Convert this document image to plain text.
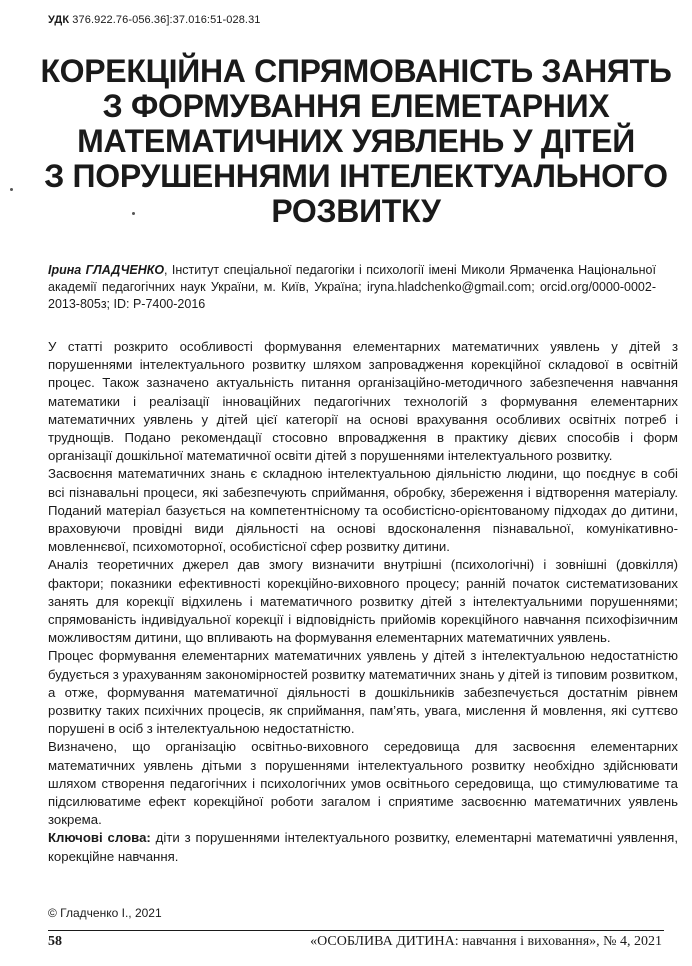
УДК 376.922.76-056.36]:37.016:51-028.31
КОРЕКЦІЙНА СПРЯМОВАНІСТЬ ЗАНЯТЬ
З ФОРМУВАННЯ ЕЛЕМЕТАРНИХ
МАТЕМАТИЧНИХ УЯВЛЕНЬ У ДІТЕЙ
З ПОРУШЕННЯМИ ІНТЕЛЕКТУАЛЬНОГО
РОЗВИТКУ
Ірина ГЛАДЧЕНКО, Інститут спеціальної педагогіки і психології імені Миколи Ярмаченка Національної академії педагогічних наук України, м. Київ, Україна; iryna.hladchenko@gmail.com; orcid.org/0000-0002-2013-805з; ID: P-7400-2016

У статті розкрито особливості формування елементарних математичних уявлень у дітей з порушеннями інтелектуального розвитку шляхом запровадження корекційної складової в освітній процес. Також зазначено актуальність питання організаційно-методичного забезпечення навчання математики і реалізації інноваційних педагогічних технологій з формування елементарних математичних уявлень у дітей цієї категорії на основі врахування особливих освітніх потреб і труднощів. Подано рекомендації стосовно впровадження в практику дієвих способів і форм організації дошкільної математичної освіти дітей з порушеннями інтелектуального розвитку.

Засвоєння математичних знань є складною інтелектуальною діяльністю людини, що поєднує в собі всі пізнавальні процеси, які забезпечують сприймання, обробку, збереження і відтворення матеріалу. Поданий матеріал базується на компетентнісному та особистісно-орієнтованому підходах до дитини, враховуючи провідні види діяльності на основі вдосконалення пізнавальної, комунікативно-мовленнєвої, психомоторної, особистісної сфер розвитку дитини.

Аналіз теоретичних джерел дав змогу визначити внутрішні (психологічні) і зовнішні (довкілля) фактори; показники ефективності корекційно-виховного процесу; ранній початок систематизованих занять для корекції відхилень і математичного розвитку дітей з інтелектуальними порушеннями; спрямованість індивідуальної корекції і відповідність прийомів корекційного навчання психофізичним можливостям дитини, що впливають на формування елементарних математичних уявлень.

Процес формування елементарних математичних уявлень у дітей з інтелектуальною недостатністю будується з урахуванням закономірностей розвитку математичних знань у дітей із типовим розвитком, а отже, формування математичної діяльності в дошкільників забезпечується достатнім рівнем розвитку таких психічних процесів, як сприймання, пам’ять, увага, мислення й мовлення, які суттєво порушені в осіб з інтелектуальною недостатністю.

Визначено, що організацію освітньо-виховного середовища для засвоєння елементарних математичних уявлень дітьми з порушеннями інтелектуального розвитку необхідно здійснювати шляхом створення педагогічних і психологічних умов освітнього середовища, що стимулюватиме та підсилюватиме ефект корекційної роботи загалом і сприятиме засвоєнню математичних уявлень зокрема.

Ключові слова: діти з порушеннями інтелектуального розвитку, елементарні математичні уявлення, корекційне навчання.

© Гладченко І., 2021
58	«ОСОБЛИВА ДИТИНА: навчання і виховання», № 4, 2021
